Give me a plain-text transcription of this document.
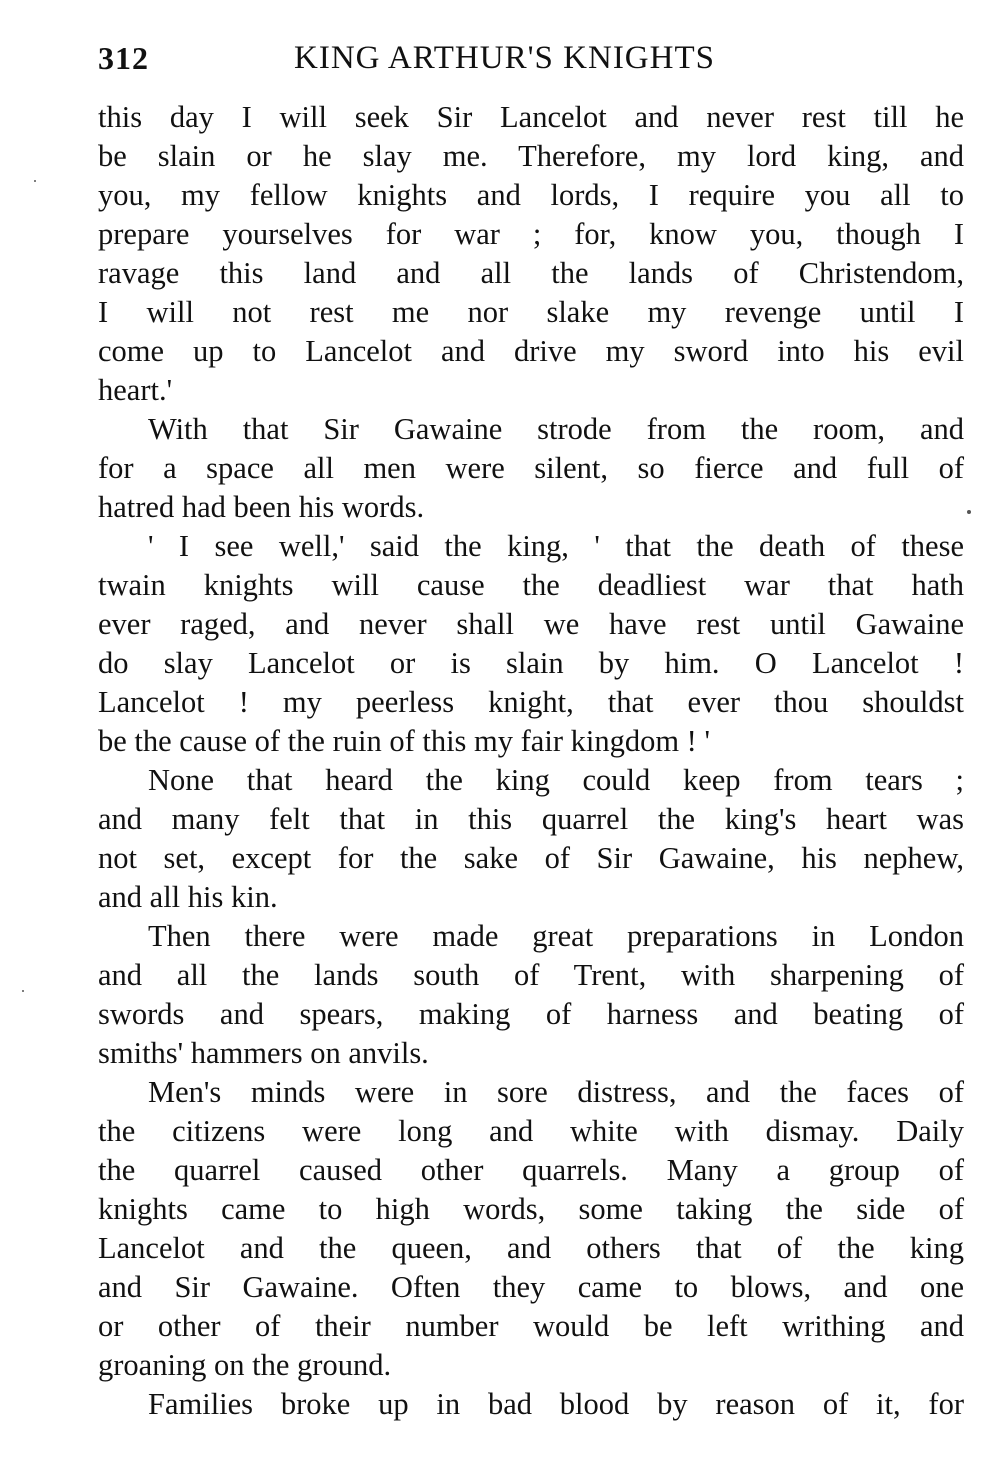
312	KING ARTHUR'S KNIGHTS
this day I will seek Sir Lancelot and never rest till he
be slain or he slay me. Therefore, my lord king, and
you, my fellow knights and lords, I require you all to
prepare yourselves for war ; for, know you, though I
ravage this land and all the lands of Christendom,
I will not rest me nor slake my revenge until I
come up to Lancelot and drive my sword into his evil
heart.'
With that Sir Gawaine strode from the room, and
for a space all men were silent, so fierce and full of
hatred had been his words.
' I see well,' said the king, ' that the death of these
twain knights will cause the deadliest war that hath
ever raged, and never shall we have rest until Gawaine
do slay Lancelot or is slain by him. O Lancelot !
Lancelot ! my peerless knight, that ever thou shouldst
be the cause of the ruin of this my fair kingdom ! '
None that heard the king could keep from tears ;
and many felt that in this quarrel the king's heart was
not set, except for the sake of Sir Gawaine, his nephew,
and all his kin.
Then there were made great preparations in London
and all the lands south of Trent, with sharpening of
swords and spears, making of harness and beating of
smiths' hammers on anvils.
Men's minds were in sore distress, and the faces of
the citizens were long and white with dismay. Daily
the quarrel caused other quarrels. Many a group of
knights came to high words, some taking the side of
Lancelot and the queen, and others that of the king
and Sir Gawaine. Often they came to blows, and one
or other of their number would be left writhing and
groaning on the ground.
Families broke up in bad blood by reason of it, for
